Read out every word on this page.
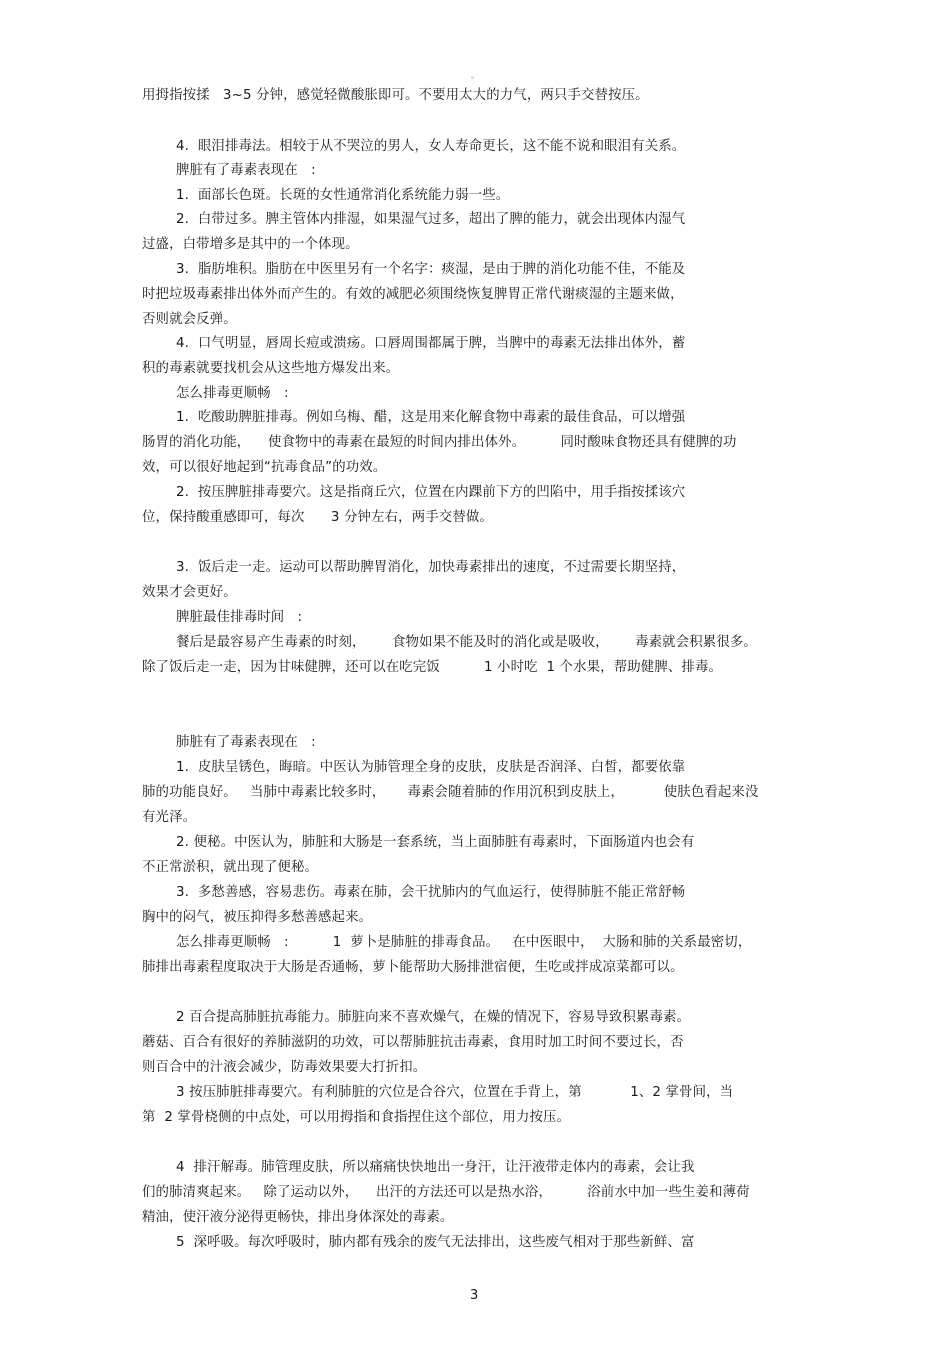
。
用拇指按揉   3~5 分钟，感觉轻微酸胀即可。不要用太大的力气，两只手交替按压。
4.  眼泪排毒法。相较于从不哭泣的男人，女人寿命更长，这不能不说和眼泪有关系。
脾脏有了毒素表现在   :
1.  面部长色斑。长斑的女性通常消化系统能力弱一些。
2.  白带过多。脾主管体内排湿，如果湿气过多，超出了脾的能力，就会出现体内湿气
过盛，白带增多是其中的一个体现。
3.  脂肪堆积。脂肪在中医里另有一个名字：痰湿，是由于脾的消化功能不佳，不能及
时把垃圾毒素排出体外而产生的。有效的减肥必须围绕恢复脾胃正常代谢痰湿的主题来做，
否则就会反弹。
4.  口气明显，唇周长痘或溃疡。口唇周围都属于脾，当脾中的毒素无法排出体外，蓄
积的毒素就要找机会从这些地方爆发出来。
怎么排毒更顺畅   :
1.  吃酸助脾脏排毒。例如乌梅、醋，这是用来化解食物中毒素的最佳食品，可以增强
肠胃的消化功能，    使食物中的毒素在最短的时间内排出体外。        同时酸味食物还具有健脾的功
效，可以很好地起到“抗毒食品”的功效。
2.  按压脾脏排毒要穴。这是指商丘穴，位置在内踝前下方的凹陷中，用手指按揉该穴
位，保持酸重感即可，每次      3 分钟左右，两手交替做。
3.  饭后走一走。运动可以帮助脾胃消化，加快毒素排出的速度，不过需要长期坚持，
效果才会更好。
脾脏最佳排毒时间   :
餐后是最容易产生毒素的时刻，      食物如果不能及时的消化或是吸收，      毒素就会积累很多。
除了饭后走一走，因为甘味健脾，还可以在吃完饭          1 小时吃  1 个水果，帮助健脾、排毒。
肺脏有了毒素表现在   :
1.  皮肤呈锈色，晦暗。中医认为肺管理全身的皮肤，皮肤是否润泽、白皙，都要依靠
肺的功能良好。   当肺中毒素比较多时，     毒素会随着肺的作用沉积到皮肤上，         使肤色看起来没
有光泽。
2. 便秘。中医认为，肺脏和大肠是一套系统，当上面肺脏有毒素时，下面肠道内也会有
不正常淤积，就出现了便秘。
3.  多愁善感，容易悲伤。毒素在肺，会干扰肺内的气血运行，使得肺脏不能正常舒畅
胸中的闷气，被压抑得多愁善感起来。
怎么排毒更顺畅   :          1  萝卜是肺脏的排毒食品。   在中医眼中，  大肠和肺的关系最密切，
肺排出毒素程度取决于大肠是否通畅，萝卜能帮助大肠排泄宿便，生吃或拌成凉菜都可以。
2 百合提高肺脏抗毒能力。肺脏向来不喜欢燥气，在燥的情况下，容易导致积累毒素。
蘑菇、百合有很好的养肺滋阴的功效，可以帮肺脏抗击毒素，食用时加工时间不要过长，否
则百合中的汁液会减少，防毒效果要大打折扣。
3 按压肺脏排毒要穴。有利肺脏的穴位是合谷穴，位置在手背上，第           1、2 掌骨间，当
第  2 掌骨桡侧的中点处，可以用拇指和食指捏住这个部位，用力按压。
4  排汗解毒。肺管理皮肤，所以痛痛快快地出一身汗，让汗液带走体内的毒素，会让我
们的肺清爽起来。   除了运动以外，    出汗的方法还可以是热水浴，        浴前水中加一些生姜和薄荷
精油，使汗液分泌得更畅快，排出身体深处的毒素。
5  深呼吸。每次呼吸时，肺内都有残余的废气无法排出，这些废气相对于那些新鲜、富
3
